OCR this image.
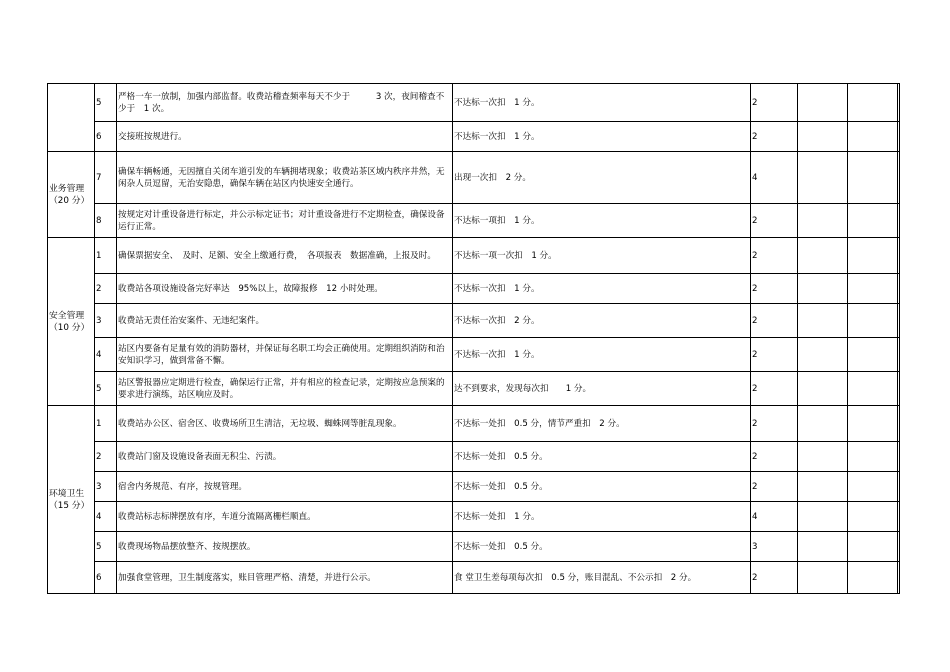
	5	严格一车一放制，加强内部监督。收费站稽查频率每天不少于　　　3 次，夜间稽查不少于　1 次。	不达标一次扣　1 分。	2			
	6	交接班按规进行。	不达标一次扣　1 分。	2			
业务管理（20 分）	7	确保车辆畅通，无因擅自关闭车道引发的车辆拥堵现象；收费站茶区域内秩序井然，无闲杂人员逗留，无治安隐患，确保车辆在站区内快速安全通行。	出现一次扣　2 分。	4			
	8	按规定对计重设备进行标定，并公示标定证书；对计重设备进行不定期检查，确保设备运行正常。	不达标一项扣　1 分。	2			
安全管理（10 分）	1	确保票据安全、　及时、足额、安全上缴通行费，　各项报表　数据准确，上报及时。	不达标一项一次扣　1 分。	2			
	2	收费站各项设施设备完好率达　95%以上，故障报修　12 小时处理。	不达标一次扣　1 分。	2			
	3	收费站无责任治安案件、无违纪案件。	不达标一次扣　2 分。	2			
	4	站区内要备有足量有效的消防器材，并保证每名职工均会正确使用。定期组织消防和治安知识学习，做到常备不懈。	不达标一次扣　1 分。	2			
	5	站区警报器应定期进行检查，确保运行正常，并有相应的检查记录，定期按应急预案的要求进行演练，站区响应及时。	达不到要求，发现每次扣　　1 分。	2			
环境卫生（15 分）	1	收费站办公区、宿舍区、收费场所卫生清洁，无垃圾、蜘蛛网等脏乱现象。	不达标一处扣　0.5 分，情节严重扣　2 分。	2			
	2	收费站门窗及设施设备表面无积尘、污渍。	不达标一处扣　0.5 分。	2			
	3	宿舍内务规范、有序，按规管理。	不达标一处扣　0.5 分。	2			
	4	收费站标志标牌摆放有序，车道分流隔离栅栏顺直。	不达标一处扣　1 分。	4			
	5	收费现场物品摆放整齐、按规摆放。	不达标一处扣　0.5 分。	3			
	6	加强食堂管理，卫生制度落实，账目管理严格、清楚，并进行公示。	食 堂卫生差每项每次扣　0.5 分，账目混乱、不公示扣　2 分。	2			
